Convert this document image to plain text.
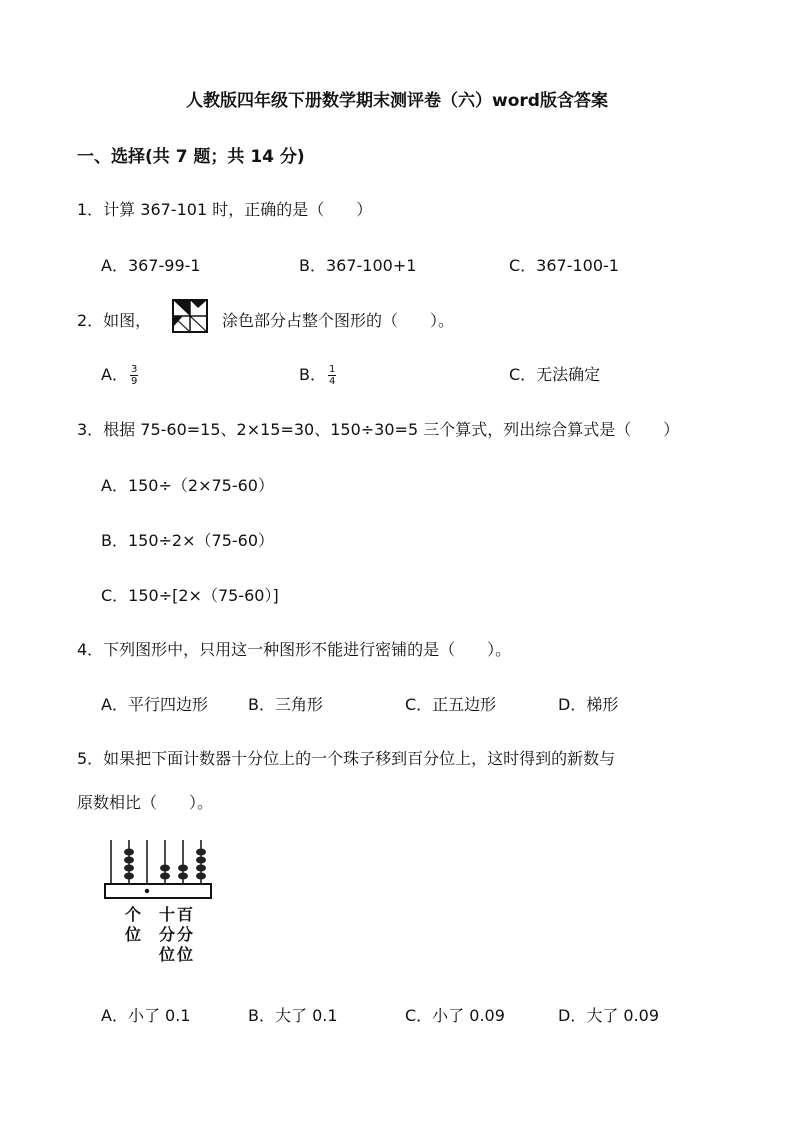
人教版四年级下册数学期末测评卷（六）word版含答案
一、选择(共 7 题；共 14 分)
1．计算 367-101 时，正确的是（　　）
A．367-99-1	B．367-100+1	C．367-100-1
2．如图，	涂色部分占整个图形的（　　）。
A． $\frac{3}{9}$	B． $\frac{1}{4}$	C．无法确定
3．根据 75-60=15、2×15=30、150÷30=5 三个算式，列出综合算式是（　　）
A．150÷（2×75-60）
B．150÷2×（75-60）
C．150÷[2×（75-60）]
4．下列图形中，只用这一种图形不能进行密铺的是（　　）。
A．平行四边形	B．三角形	C．正五边形	D．梯形
5．如果把下面计数器十分位上的一个珠子移到百分位上，这时得到的新数与
原数相比（　　）。
个
位
十
分
位
百
分
位
A．小了 0.1	B．大了 0.1	C．小了 0.09	D．大了 0.09
